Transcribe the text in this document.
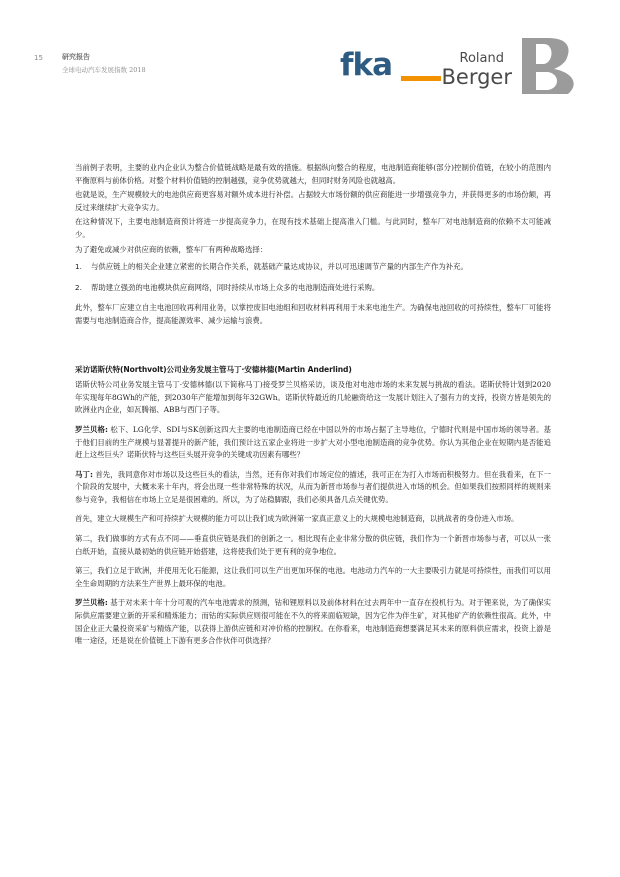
15	研究报告
全球电动汽车发展指数 2018	fka	Roland
Berger

当前例子表明，主要的业内企业认为整合价值链战略是最有效的措施。根据纵向整合的程度，电池制造商能够(部分)控制价值链，在较小的范围内平衡原料与前体价格。对整个材料价值链的控制越强，竞争优势就越大，但同时财务风险也就越高。

也就是说，生产规模较大的电池供应商更容易对额外成本进行补偿。占据较大市场份额的供应商能进一步增强竞争力，并获得更多的市场份额，再反过来继续扩大竞争实力。

在这种情况下，主要电池制造商预计将进一步提高竞争力，在现有技术基础上提高准入门槛。与此同时，整车厂对电池制造商的依赖不太可能减少。

为了避免或减少对供应商的依赖，整车厂有两种战略选择：

1. 与供应链上的相关企业建立紧密的长期合作关系，就基础产量达成协议，并以可迅速调节产量的内部生产作为补充。
2. 帮助建立强劲的电池模块供应商网络，同时持续从市场上众多的电池制造商处进行采购。

此外，整车厂应建立自主电池回收再利用业务，以掌控废旧电池组和回收材料再利用于未来电池生产。为确保电池回收的可持续性，整车厂可能将需要与电池制造商合作，提高能源效率、减少运输与浪费。

采访诺斯伏特(Northvolt)公司业务发展主管马丁·安德林德(Martin Anderlind)

诺斯伏特公司业务发展主管马丁·安德林德(以下简称马丁)接受罗兰贝格采访，谈及他对电池市场的未来发展与挑战的看法。诺斯伏特计划到2020年实现每年8GWh的产能，到2030年产能增加到每年32GWh。诺斯伏特最近的几轮融资给这一发展计划注入了强有力的支持，投资方皆是领先的欧洲业内企业，如瓦腾福、ABB与西门子等。

罗兰贝格: 松下、LG化学、SDI与SK创新这四大主要的电池制造商已经在中国以外的市场占据了主导地位，宁德时代则是中国市场的领导者。基于他们目前的生产规模与显著提升的新产能，我们预计这五家企业将进一步扩大对小型电池制造商的竞争优势。你认为其他企业在短期内是否能追赶上这些巨头？诺斯伏特与这些巨头展开竞争的关键成功因素有哪些？

马丁: 首先，我同意你对市场以及这些巨头的看法，当然，还有你对我们市场定位的描述，我可正在为打入市场而积极努力。但在我看来，在下一个阶段的发展中，大概未来十年内，将会出现一些非常特殊的状况，从而为新晋市场参与者们提供进入市场的机会。但如果我们按照同样的规则来参与竞争，我相信在市场上立足是很困难的。所以，为了站稳脚跟，我们必须具备几点关键优势。

首先，建立大规模生产和可持续扩大规模的能力可以让我们成为欧洲第一家真正意义上的大规模电池制造商，以挑战者的身份进入市场。

第二，我们做事的方式有点不同——垂直供应链是我们的创新之一。相比现有企业非常分散的供应链，我们作为一个新晋市场参与者，可以从一张白纸开始，直接从最初始的供应链开始搭建，这将使我们处于更有利的竞争地位。

第三，我们立足于欧洲，并使用无化石能源，这让我们可以生产出更加环保的电池。电池动力汽车的一大主要吸引力就是可持续性，而我们可以用全生命周期的方法来生产世界上最环保的电池。

罗兰贝格: 基于对未来十年十分可观的汽车电池需求的预测，钴和锂原料以及前体材料在过去两年中一直存在投机行为。对于锂来说，为了确保实际供应需要建立新的开采和精炼能力；而钴的实际供应则很可能在不久的将来面临短缺，因为它作为伴生矿，对其他矿产的依赖性很高。此外，中国企业正大量投资采矿与精炼产能，以获得上游供应链和对冲价格的控制权。在你看来，电池制造商想要满足其未来的原料供应需求，投资上游是唯一途径，还是说在价值链上下游有更多合作伙伴可供选择？
